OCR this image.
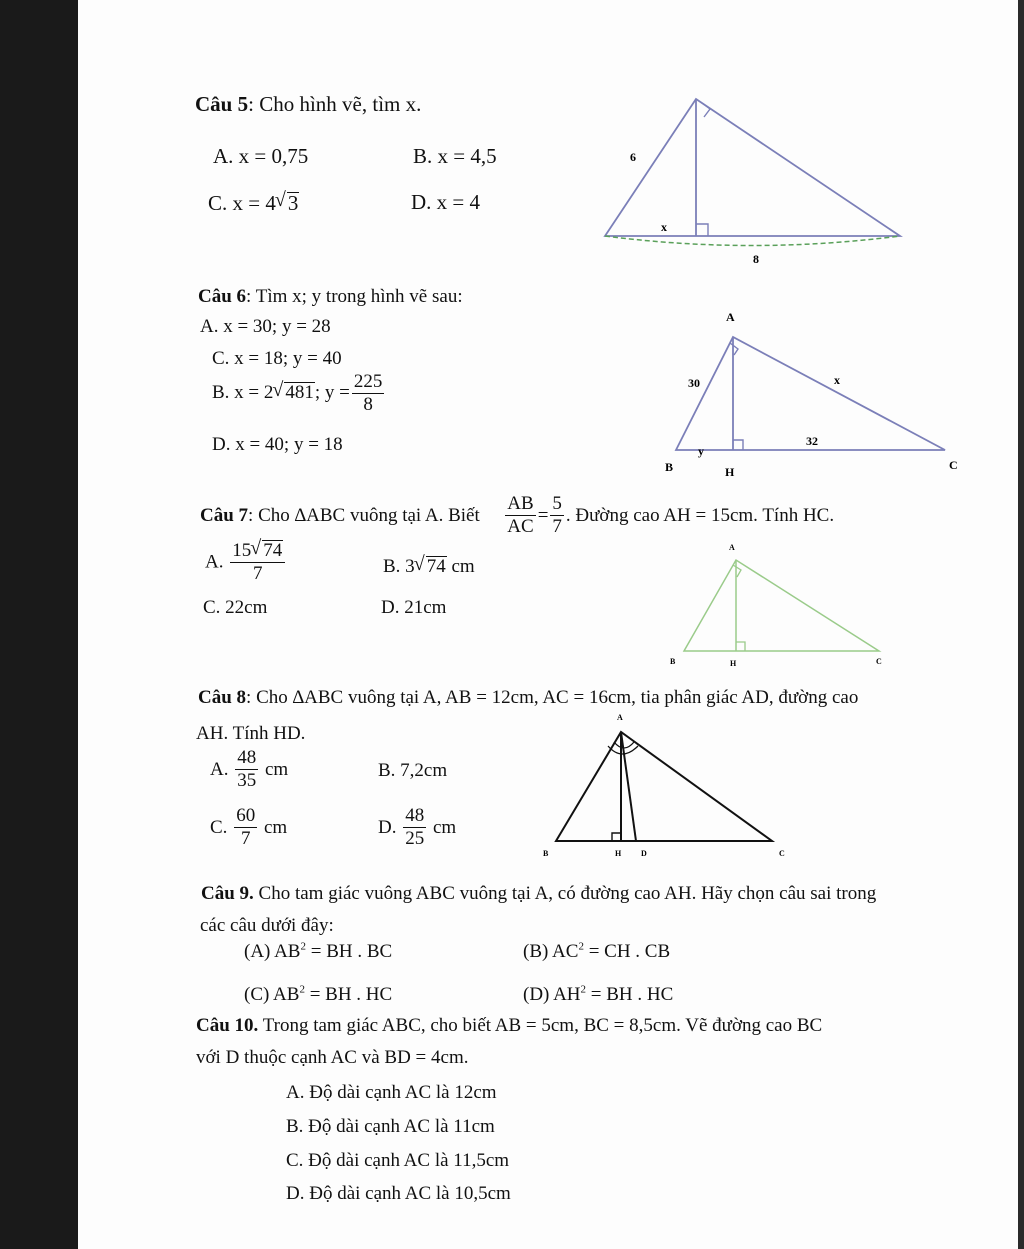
Câu 5: Cho hình vẽ, tìm x.
A. x = 0,75	B. x = 4,5
C. x = 4 √ 3	D. x = 4
6
x
8
Câu 6: Tìm x; y trong hình vẽ sau:
A. x = 30; y = 28
C. x = 18; y = 40
B. x = 2 √ 481; $y = \frac{225}{8}$
D. x = 40; y = 18
A
B	H	C
30	x
y
32
Câu 7: Cho ∆ABC vuông tại A. Biết $\frac{AB}{AC} = \frac{5}{7}$ . Đường cao AH = 15cm. Tính HC.
A. $\frac{15 √ 74}{7}$	B. 3 √ 74 cm
C. 22cm	D. 21cm
A
B	H	C
Câu 8: Cho ∆ABC vuông tại A, AB = 12cm, AC = 16cm, tia phân giác AD, đường cao
AH. Tính HD.
A. $\frac{48}{35}$ cm	B. 7,2cm
C. $\frac{60}{7}$ cm	D. $\frac{48}{25}$ cm
A
B	H D	C
Câu 9. Cho tam giác vuông ABC vuông tại A, có đường cao AH. Hãy chọn câu sai trong
các câu dưới đây:
(A) $AB^2$ = BH . BC	(B) $AC^2$ = CH . CB
(C) $AB^2$ = BH . HC	(D) $AH^2$ = BH . HC
Câu 10. Trong tam giác ABC, cho biết AB = 5cm, BC = 8,5cm. Vẽ đường cao BC
với D thuộc cạnh AC và BD = 4cm.
A. Độ dài cạnh AC là 12cm
B. Độ dài cạnh AC là 11cm
C. Độ dài cạnh AC là 11,5cm
D. Độ dài cạnh AC là 10,5cm
